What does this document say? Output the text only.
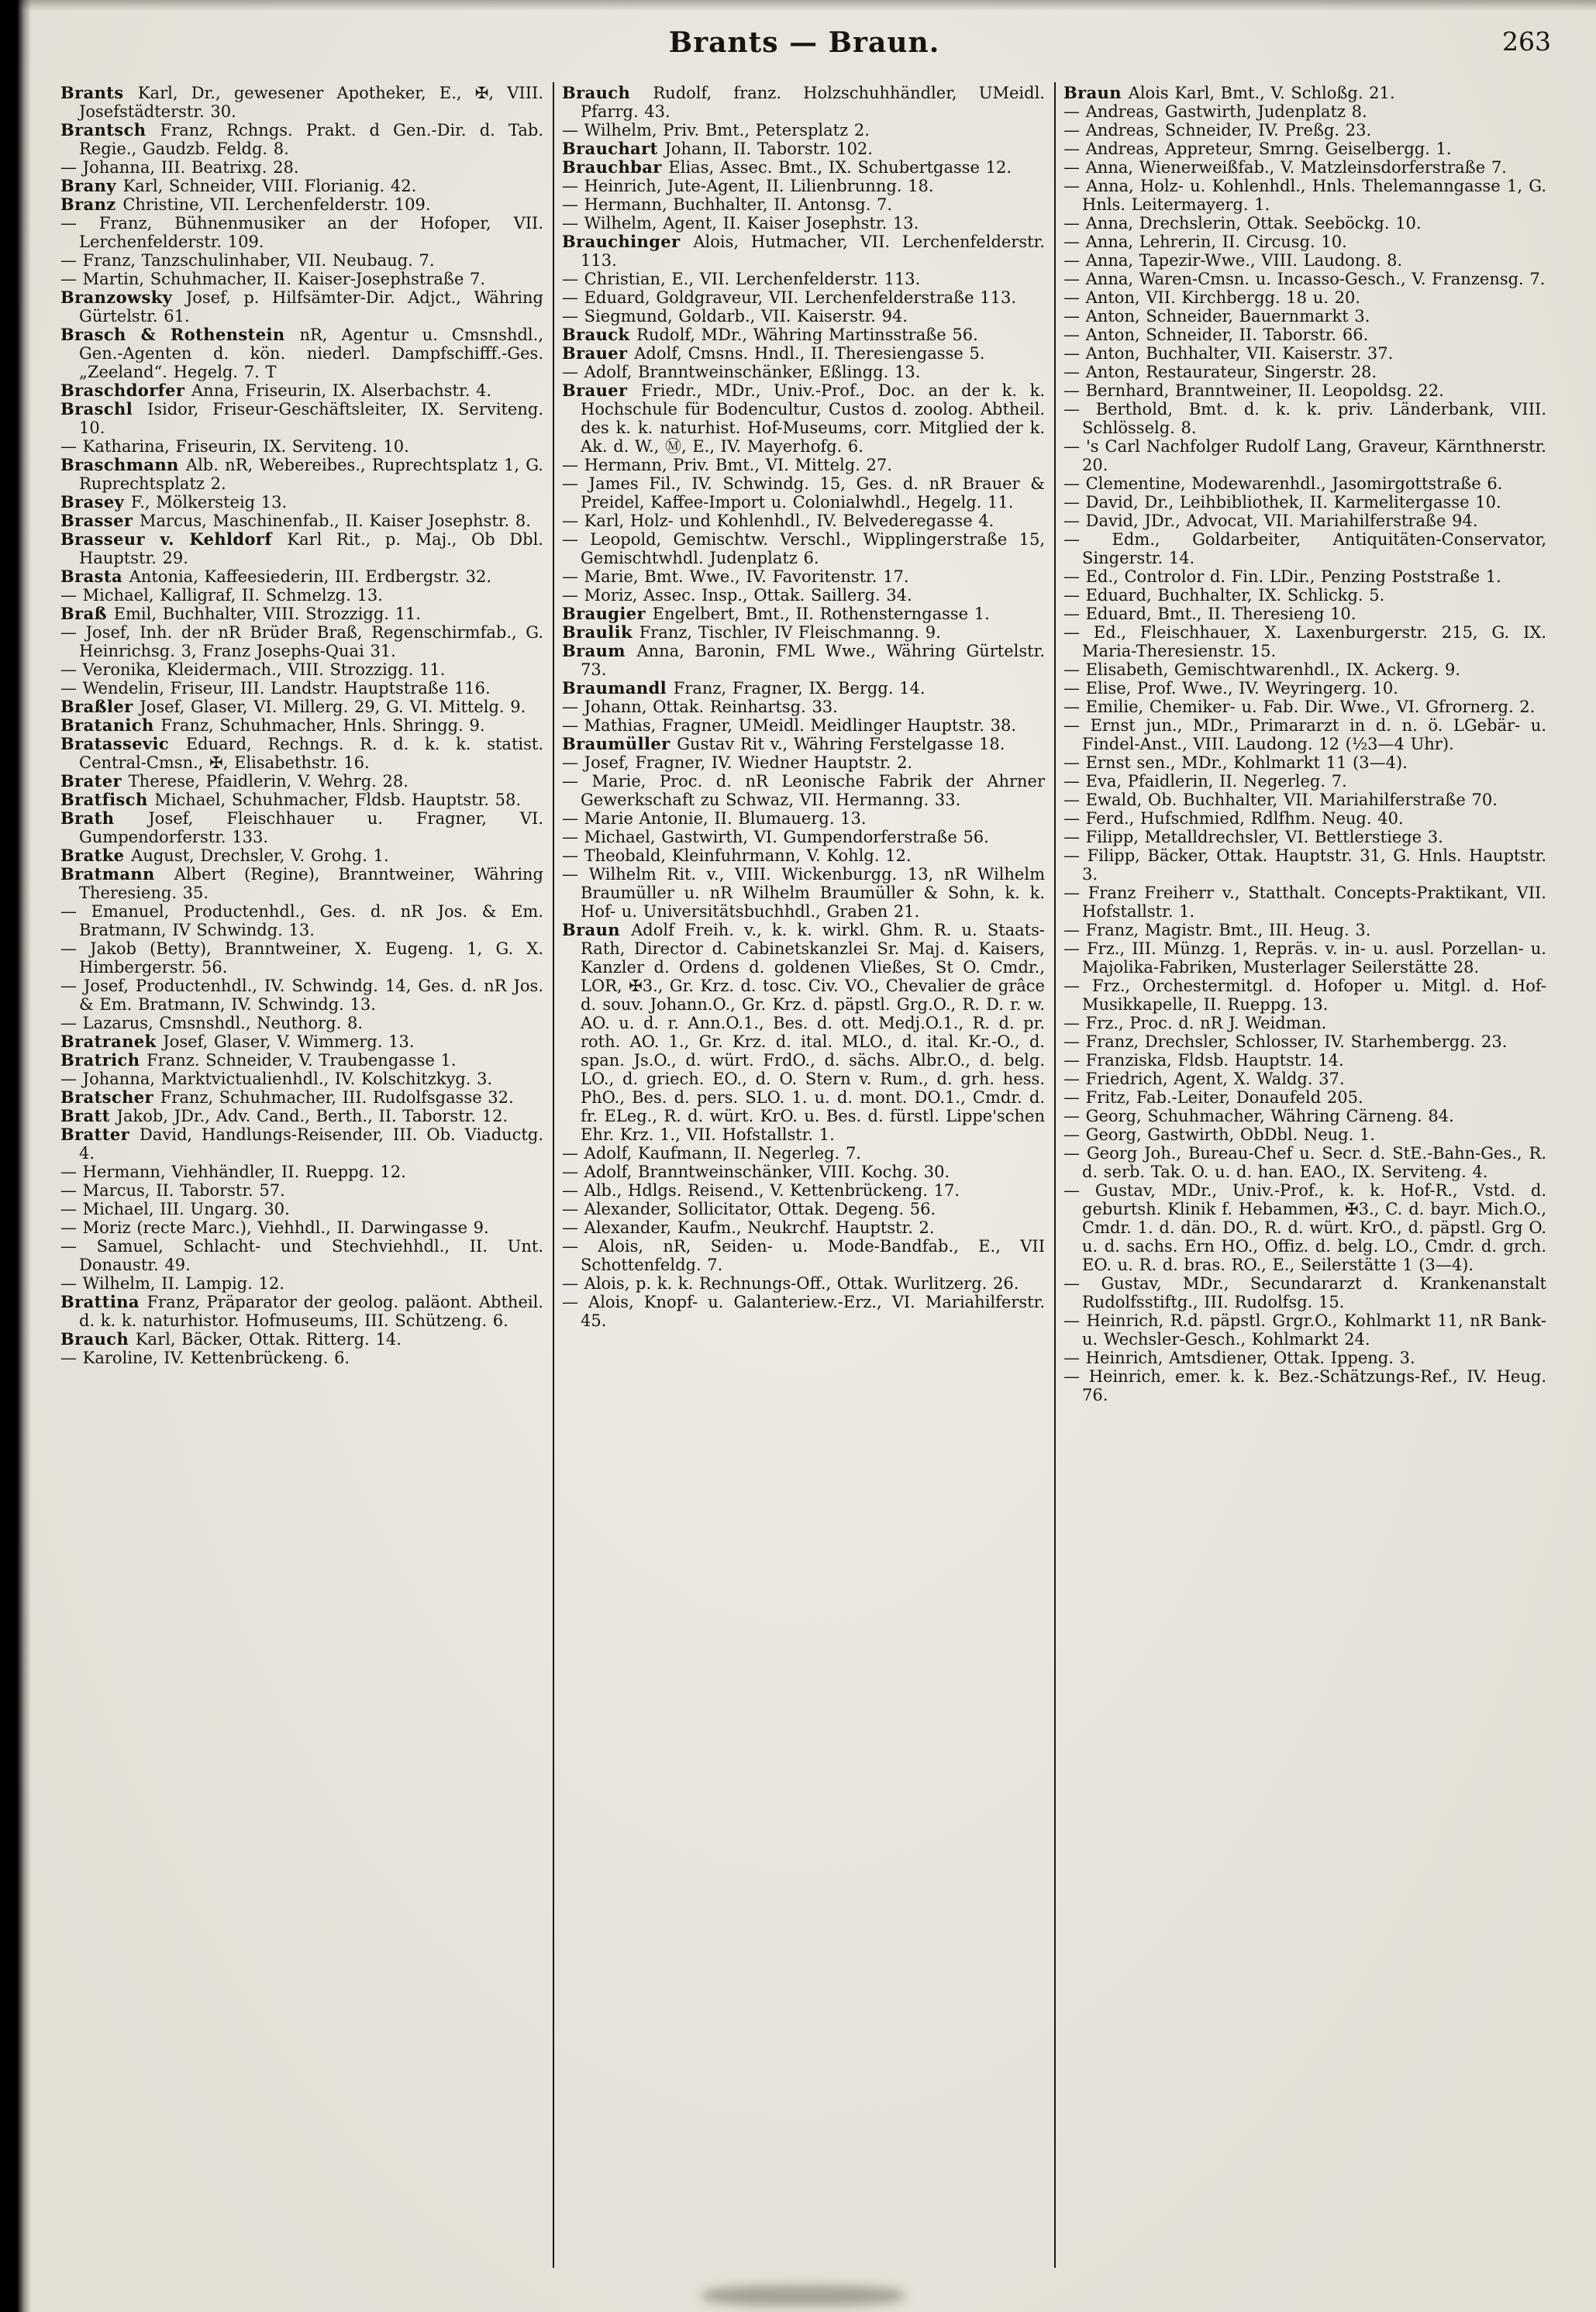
Brants — Braun.	263

Brants Karl, Dr., gewesener Apotheker, E., ✠, VIII. Josefstädterstr. 30.

Brantsch Franz, Rchngs. Prakt. d Gen.-Dir. d. Tab. Regie., Gaudzb. Feldg. 8.

— Johanna, III. Beatrixg. 28.

Brany Karl, Schneider, VIII. Florianig. 42.

Branz Christine, VII. Lerchenfelderstr. 109.

— Franz, Bühnenmusiker an der Hofoper, VII. Lerchenfelderstr. 109.

— Franz, Tanzschulinhaber, VII. Neubaug. 7.

— Martin, Schuhmacher, II. Kaiser-Josephstraße 7.

Branzowsky Josef, p. Hilfsämter-Dir. Adjct., Währing Gürtelstr. 61.

Brasch & Rothenstein nR, Agentur u. Cmsnshdl., Gen.-Agenten d. kön. niederl. Dampfschifff.-Ges. „Zeeland“. Hegelg. 7. T

Braschdorfer Anna, Friseurin, IX. Alserbachstr. 4.

Braschl Isidor, Friseur-Geschäftsleiter, IX. Serviteng. 10.

— Katharina, Friseurin, IX. Serviteng. 10.

Braschmann Alb. nR, Webereibes., Ruprechtsplatz 1, G. Ruprechtsplatz 2.

Brasey F., Mölkersteig 13.

Brasser Marcus, Maschinenfab., II. Kaiser Josephstr. 8.

Brasseur v. Kehldorf Karl Rit., p. Maj., Ob Dbl. Hauptstr. 29.

Brasta Antonia, Kaffeesiederin, III. Erdbergstr. 32.

— Michael, Kalligraf, II. Schmelzg. 13.

Braß Emil, Buchhalter, VIII. Strozzigg. 11.

— Josef, Inh. der nR Brüder Braß, Regenschirmfab., G. Heinrichsg. 3, Franz Josephs-Quai 31.

— Veronika, Kleidermach., VIII. Strozzigg. 11.

— Wendelin, Friseur, III. Landstr. Hauptstraße 116.

Braßler Josef, Glaser, VI. Millerg. 29, G. VI. Mittelg. 9.

Bratanich Franz, Schuhmacher, Hnls. Shringg. 9.

Bratassevic Eduard, Rechngs. R. d. k. k. statist. Central-Cmsn., ✠, Elisabethstr. 16.

Brater Therese, Pfaidlerin, V. Wehrg. 28.

Bratfisch Michael, Schuhmacher, Fldsb. Hauptstr. 58.

Brath Josef, Fleischhauer u. Fragner, VI. Gumpendorferstr. 133.

Bratke August, Drechsler, V. Grohg. 1.

Bratmann Albert (Regine), Branntweiner, Währing Theresieng. 35.

— Emanuel, Productenhdl., Ges. d. nR Jos. & Em. Bratmann, IV Schwindg. 13.

— Jakob (Betty), Branntweiner, X. Eugeng. 1, G. X. Himbergerstr. 56.

— Josef, Productenhdl., IV. Schwindg. 14, Ges. d. nR Jos. & Em. Bratmann, IV. Schwindg. 13.

— Lazarus, Cmsnshdl., Neuthorg. 8.

Bratranek Josef, Glaser, V. Wimmerg. 13.

Bratrich Franz. Schneider, V. Traubengasse 1.

— Johanna, Marktvictualienhdl., IV. Kolschitzkyg. 3.

Bratscher Franz, Schuhmacher, III. Rudolfsgasse 32.

Bratt Jakob, JDr., Adv. Cand., Berth., II. Taborstr. 12.

Bratter David, Handlungs-Reisender, III. Ob. Viaductg. 4.

— Hermann, Viehhändler, II. Rueppg. 12.

— Marcus, II. Taborstr. 57.

— Michael, III. Ungarg. 30.

— Moriz (recte Marc.), Viehhdl., II. Darwingasse 9.

— Samuel, Schlacht- und Stechviehhdl., II. Unt. Donaustr. 49.

— Wilhelm, II. Lampig. 12.

Brattina Franz, Präparator der geolog. paläont. Abtheil. d. k. k. naturhistor. Hofmuseums, III. Schützeng. 6.

Brauch Karl, Bäcker, Ottak. Ritterg. 14.

— Karoline, IV. Kettenbrückeng. 6.

Brauch Rudolf, franz. Holzschuhhändler, UMeidl. Pfarrg. 43.

— Wilhelm, Priv. Bmt., Petersplatz 2.

Brauchart Johann, II. Taborstr. 102.

Brauchbar Elias, Assec. Bmt., IX. Schubertgasse 12.

— Heinrich, Jute-Agent, II. Lilienbrunng. 18.

— Hermann, Buchhalter, II. Antonsg. 7.

— Wilhelm, Agent, II. Kaiser Josephstr. 13.

Brauchinger Alois, Hutmacher, VII. Lerchenfelderstr. 113.

— Christian, E., VII. Lerchenfelderstr. 113.

— Eduard, Goldgraveur, VII. Lerchenfelderstraße 113.

— Siegmund, Goldarb., VII. Kaiserstr. 94.

Brauck Rudolf, MDr., Währing Martinsstraße 56.

Brauer Adolf, Cmsns. Hndl., II. Theresiengasse 5.

— Adolf, Branntweinschänker, Eßlingg. 13.

Brauer Friedr., MDr., Univ.-Prof., Doc. an der k. k. Hochschule für Bodencultur, Custos d. zoolog. Abtheil. des k. k. naturhist. Hof-Museums, corr. Mitglied der k. Ak. d. W., Ⓜ, E., IV. Mayerhofg. 6.

— Hermann, Priv. Bmt., VI. Mittelg. 27.

— James Fil., IV. Schwindg. 15, Ges. d. nR Brauer & Preidel, Kaffee-Import u. Colonialwhdl., Hegelg. 11.

— Karl, Holz- und Kohlenhdl., IV. Belvederegasse 4.

— Leopold, Gemischtw. Verschl., Wipplingerstraße 15, Gemischtwhdl. Judenplatz 6.

— Marie, Bmt. Wwe., IV. Favoritenstr. 17.

— Moriz, Assec. Insp., Ottak. Saillerg. 34.

Braugier Engelbert, Bmt., II. Rothensterngasse 1.

Braulik Franz, Tischler, IV Fleischmanng. 9.

Braum Anna, Baronin, FML Wwe., Währing Gürtelstr. 73.

Braumandl Franz, Fragner, IX. Bergg. 14.

— Johann, Ottak. Reinhartsg. 33.

— Mathias, Fragner, UMeidl. Meidlinger Hauptstr. 38.

Braumüller Gustav Rit v., Währing Ferstelgasse 18.

— Josef, Fragner, IV. Wiedner Hauptstr. 2.

— Marie, Proc. d. nR Leonische Fabrik der Ahrner Gewerkschaft zu Schwaz, VII. Hermanng. 33.

— Marie Antonie, II. Blumauerg. 13.

— Michael, Gastwirth, VI. Gumpendorferstraße 56.

— Theobald, Kleinfuhrmann, V. Kohlg. 12.

— Wilhelm Rit. v., VIII. Wickenburgg. 13, nR Wilhelm Braumüller u. nR Wilhelm Braumüller & Sohn, k. k. Hof- u. Universitätsbuchhdl., Graben 21.

Braun Adolf Freih. v., k. k. wirkl. Ghm. R. u. Staats-Rath, Director d. Cabinetskanzlei Sr. Maj. d. Kaisers, Kanzler d. Ordens d. goldenen Vließes, St O. Cmdr., LOR, ✠3., Gr. Krz. d. tosc. Civ. VO., Chevalier de grâce d. souv. Johann.O., Gr. Krz. d. päpstl. Grg.O., R. D. r. w. AO. u. d. r. Ann.O.1., Bes. d. ott. Medj.O.1., R. d. pr. roth. AO. 1., Gr. Krz. d. ital. MLO., d. ital. Kr.-O., d. span. Js.O., d. würt. FrdO., d. sächs. Albr.O., d. belg. LO., d. griech. EO., d. O. Stern v. Rum., d. grh. hess. PhO., Bes. d. pers. SLO. 1. u. d. mont. DO.1., Cmdr. d. fr. ELeg., R. d. würt. KrO. u. Bes. d. fürstl. Lippe'schen Ehr. Krz. 1., VII. Hofstallstr. 1.

— Adolf, Kaufmann, II. Negerleg. 7.

— Adolf, Branntweinschänker, VIII. Kochg. 30.

— Alb., Hdlgs. Reisend., V. Kettenbrückeng. 17.

— Alexander, Sollicitator, Ottak. Degeng. 56.

— Alexander, Kaufm., Neukrchf. Hauptstr. 2.

— Alois, nR, Seiden- u. Mode-Bandfab., E., VII Schottenfeldg. 7.

— Alois, p. k. k. Rechnungs-Off., Ottak. Wurlitzerg. 26.

— Alois, Knopf- u. Galanteriew.-Erz., VI. Mariahilferstr. 45.

Braun Alois Karl, Bmt., V. Schloßg. 21.

— Andreas, Gastwirth, Judenplatz 8.

— Andreas, Schneider, IV. Preßg. 23.

— Andreas, Appreteur, Smrng. Geiselbergg. 1.

— Anna, Wienerweißfab., V. Matzleinsdorferstraße 7.

— Anna, Holz- u. Kohlenhdl., Hnls. Thelemanngasse 1, G. Hnls. Leitermayerg. 1.

— Anna, Drechslerin, Ottak. Seeböckg. 10.

— Anna, Lehrerin, II. Circusg. 10.

— Anna, Tapezir-Wwe., VIII. Laudong. 8.

— Anna, Waren-Cmsn. u. Incasso-Gesch., V. Franzensg. 7.

— Anton, VII. Kirchbergg. 18 u. 20.

— Anton, Schneider, Bauernmarkt 3.

— Anton, Schneider, II. Taborstr. 66.

— Anton, Buchhalter, VII. Kaiserstr. 37.

— Anton, Restaurateur, Singerstr. 28.

— Bernhard, Branntweiner, II. Leopoldsg. 22.

— Berthold, Bmt. d. k. k. priv. Länderbank, VIII. Schlösselg. 8.

— 's Carl Nachfolger Rudolf Lang, Graveur, Kärnthnerstr. 20.

— Clementine, Modewarenhdl., Jasomirgottstraße 6.

— David, Dr., Leihbibliothek, II. Karmelitergasse 10.

— David, JDr., Advocat, VII. Mariahilferstraße 94.

— Edm., Goldarbeiter, Antiquitäten-Conservator, Singerstr. 14.

— Ed., Controlor d. Fin. LDir., Penzing Poststraße 1.

— Eduard, Buchhalter, IX. Schlickg. 5.

— Eduard, Bmt., II. Theresieng 10.

— Ed., Fleischhauer, X. Laxenburgerstr. 215, G. IX. Maria-Theresienstr. 15.

— Elisabeth, Gemischtwarenhdl., IX. Ackerg. 9.

— Elise, Prof. Wwe., IV. Weyringerg. 10.

— Emilie, Chemiker- u. Fab. Dir. Wwe., VI. Gfrornerg. 2.

— Ernst jun., MDr., Primararzt in d. n. ö. LGebär- u. Findel-Anst., VIII. Laudong. 12 (½3—4 Uhr).

— Ernst sen., MDr., Kohlmarkt 11 (3—4).

— Eva, Pfaidlerin, II. Negerleg. 7.

— Ewald, Ob. Buchhalter, VII. Mariahilferstraße 70.

— Ferd., Hufschmied, Rdlfhm. Neug. 40.

— Filipp, Metalldrechsler, VI. Bettlerstiege 3.

— Filipp, Bäcker, Ottak. Hauptstr. 31, G. Hnls. Hauptstr. 3.

— Franz Freiherr v., Statthalt. Concepts-Praktikant, VII. Hofstallstr. 1.

— Franz, Magistr. Bmt., III. Heug. 3.

— Frz., III. Münzg. 1, Repräs. v. in- u. ausl. Porzellan- u. Majolika-Fabriken, Musterlager Seilerstätte 28.

— Frz., Orchestermitgl. d. Hofoper u. Mitgl. d. Hof-Musikkapelle, II. Rueppg. 13.

— Frz., Proc. d. nR J. Weidman.

— Franz, Drechsler, Schlosser, IV. Starhembergg. 23.

— Franziska, Fldsb. Hauptstr. 14.

— Friedrich, Agent, X. Waldg. 37.

— Fritz, Fab.-Leiter, Donaufeld 205.

— Georg, Schuhmacher, Währing Cärneng. 84.

— Georg, Gastwirth, ObDbl. Neug. 1.

— Georg Joh., Bureau-Chef u. Secr. d. StE.-Bahn-Ges., R. d. serb. Tak. O. u. d. han. EAO., IX. Serviteng. 4.

— Gustav, MDr., Univ.-Prof., k. k. Hof-R., Vstd. d. geburtsh. Klinik f. Hebammen, ✠3., C. d. bayr. Mich.O., Cmdr. 1. d. dän. DO., R. d. würt. KrO., d. päpstl. Grg O. u. d. sachs. Ern HO., Offiz. d. belg. LO., Cmdr. d. grch. EO. u. R. d. bras. RO., E., Seilerstätte 1 (3—4).

— Gustav, MDr., Secundararzt d. Krankenanstalt Rudolfsstiftg., III. Rudolfsg. 15.

— Heinrich, R.d. päpstl. Grgr.O., Kohlmarkt 11, nR Bank- u. Wechsler-Gesch., Kohlmarkt 24.

— Heinrich, Amtsdiener, Ottak. Ippeng. 3.

— Heinrich, emer. k. k. Bez.-Schätzungs-Ref., IV. Heug. 76.
